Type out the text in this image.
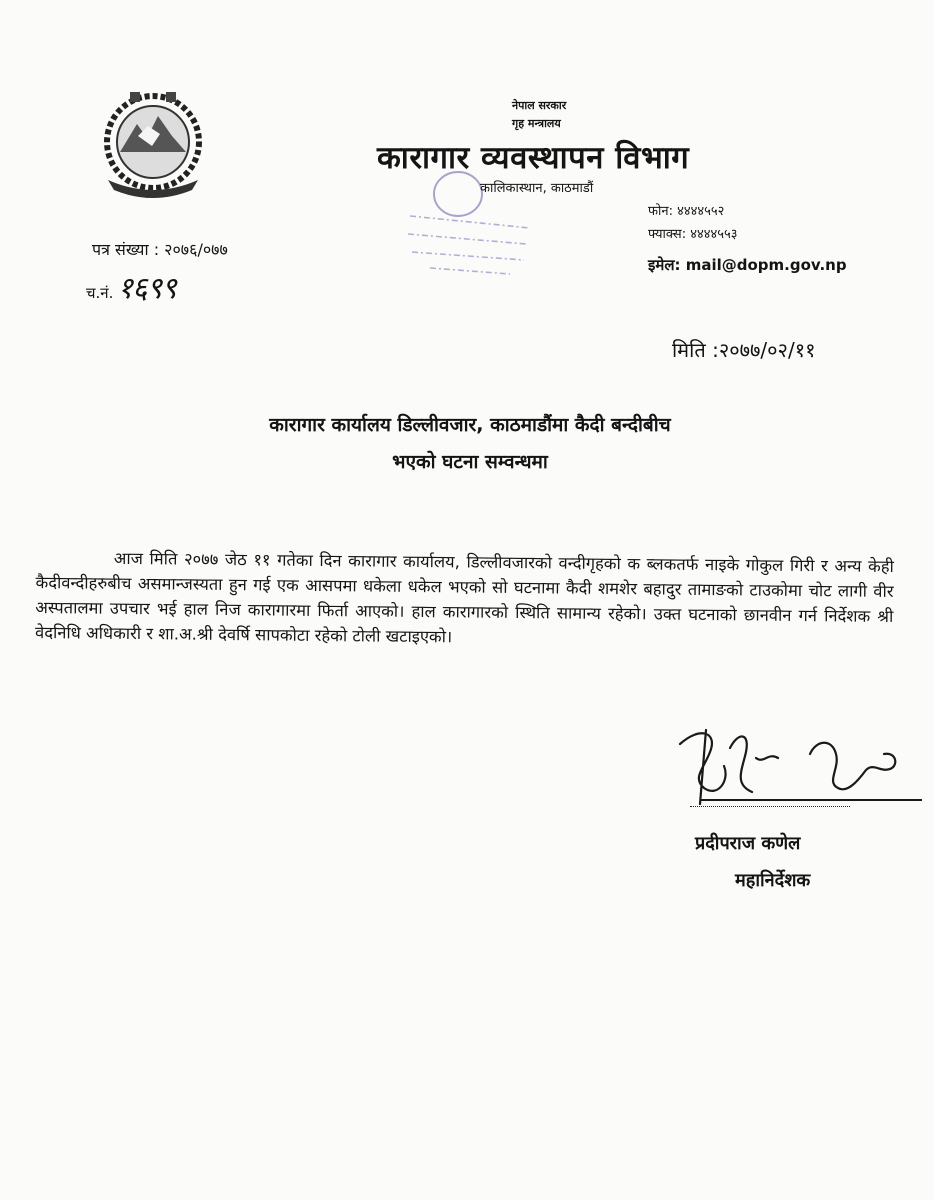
नेपाल सरकार
गृह मन्त्रालय
कारागार व्यवस्थापन विभाग
कालिकास्थान, काठमाडौं
फोन: ४४४४५५२
फ्याक्स: ४४४४५५३
इमेल: mail@dopm.gov.np
पत्र संख्या : २०७६/०७७
च.नं. १६९९
मिति :२०७७/०२/११
कारागार कार्यालय डिल्लीवजार, काठमाडौंमा कैदी बन्दीबीच
भएको घटना सम्वन्धमा
आज मिति २०७७ जेठ ११ गतेका दिन कारागार कार्यालय, डिल्लीवजारको वन्दीगृहको क ब्लकतर्फ नाइके गोकुल गिरी र अन्य केही कैदीवन्दीहरुबीच असमान्जस्यता हुन गई एक आसपमा धकेला धकेल भएको सो घटनामा कैदी शमशेर बहादुर तामाङको टाउकोमा चोट लागी वीर अस्पतालमा उपचार भई हाल निज कारागारमा फिर्ता आएको। हाल कारागारको स्थिति सामान्य रहेको। उक्त घटनाको छानवीन गर्न निर्देशक श्री वेदनिधि अधिकारी र शा.अ.श्री देवर्षि सापकोटा रहेको टोली खटाइएको।
प्रदीपराज कणेल
महानिर्देशक
